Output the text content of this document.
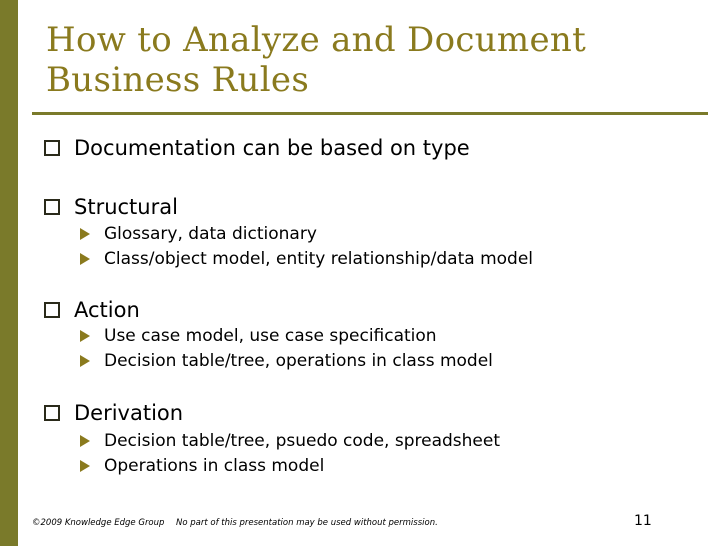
How to Analyze and Document
Business Rules
Documentation can be based on type
Structural
Glossary, data dictionary
Class/object model, entity relationship/data model
Action
Use case model, use case specification
Decision table/tree, operations in class model
Derivation
Decision table/tree, psuedo code, spreadsheet
Operations in class model
©2009 Knowledge Edge Group No part of this presentation may be used without permission.	11
